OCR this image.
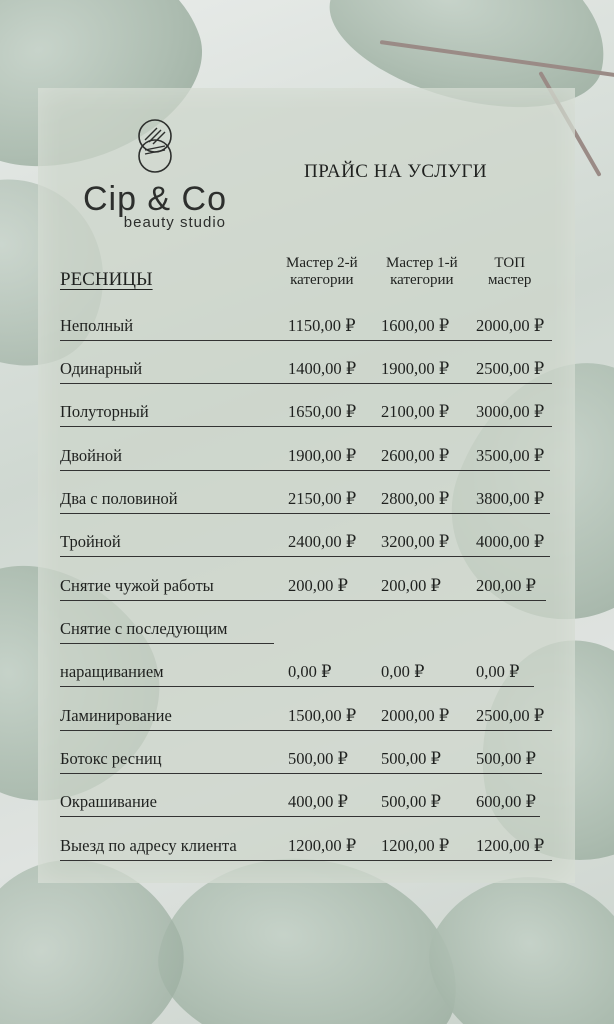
Cip & Co
beauty studio
ПРАЙС НА УСЛУГИ
РЕСНИЦЫ
Мастер 2-й
категории
Мастер 1-й
категории
ТОП
мастер
Неполный	1150,00 ₽ 1600,00 ₽ 2000,00 ₽
Одинарный	1400,00 ₽ 1900,00 ₽ 2500,00 ₽
Полуторный	1650,00 ₽ 2100,00 ₽ 3000,00 ₽
Двойной	1900,00 ₽ 2600,00 ₽ 3500,00 ₽
Два с половиной	2150,00 ₽ 2800,00 ₽ 3800,00 ₽
Тройной	2400,00 ₽ 3200,00 ₽ 4000,00 ₽
Снятие чужой работы	200,00 ₽ 200,00 ₽ 200,00 ₽
Снятие с последующим
наращиванием	0,00 ₽	0,00 ₽	0,00 ₽
Ламинирование	1500,00 ₽ 2000,00 ₽ 2500,00 ₽
Ботокс ресниц	500,00 ₽ 500,00 ₽ 500,00 ₽
Окрашивание	400,00 ₽ 500,00 ₽ 600,00 ₽
Выезд по адресу клиента	1200,00 ₽ 1200,00 ₽ 1200,00 ₽
